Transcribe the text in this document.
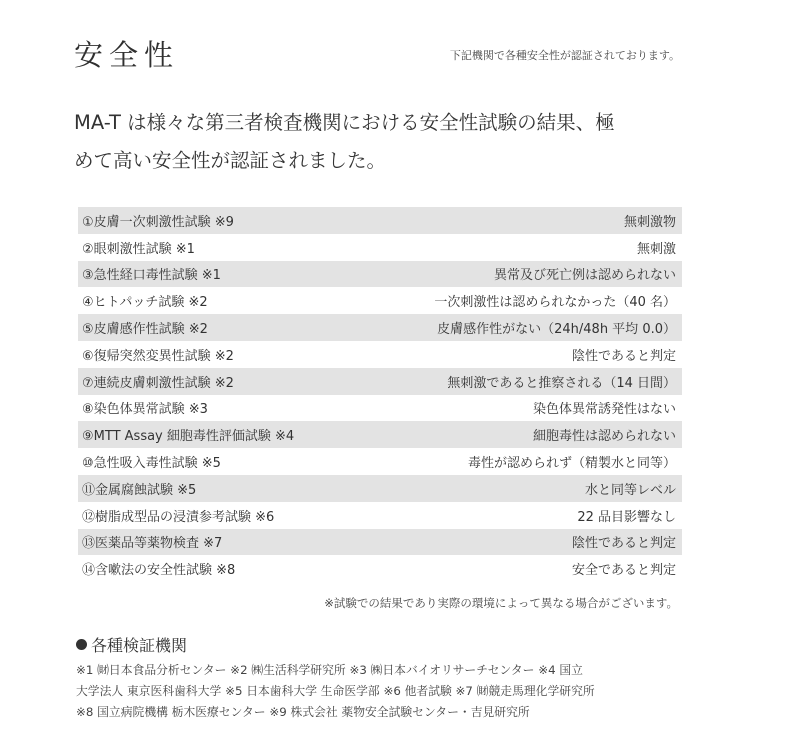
安全性	下記機関で各種安全性が認証されております。
MA-T は様々な第三者検査機関における安全性試験の結果、極
めて高い安全性が認証されました。
①皮膚一次刺激性試験 ※9	無刺激物
②眼刺激性試験 ※1	無刺激
③急性経口毒性試験 ※1	異常及び死亡例は認められない
④ヒトパッチ試験 ※2	一次刺激性は認められなかった（40 名）
⑤皮膚感作性試験 ※2	皮膚感作性がない（24h/48h 平均 0.0）
⑥復帰突然変異性試験 ※2	陰性であると判定
⑦連続皮膚刺激性試験 ※2	無刺激であると推察される（14 日間）
⑧染色体異常試験 ※3	染色体異常誘発性はない
⑨MTT Assay 細胞毒性評価試験 ※4	細胞毒性は認められない
⑩急性吸入毒性試験 ※5	毒性が認められず（精製水と同等）
⑪金属腐蝕試験 ※5	水と同等レベル
⑫樹脂成型品の浸漬参考試験 ※6	22 品目影響なし
⑬医薬品等薬物検査 ※7	陰性であると判定
⑭含嗽法の安全性試験 ※8	安全であると判定
※試験での結果であり実際の環境によって異なる場合がございます。
各種検証機関
※1 ㈶日本食品分析センター ※2 ㈱生活科学研究所 ※3 ㈱日本バイオリサーチセンター ※4 国立
大学法人 東京医科歯科大学 ※5 日本歯科大学 生命医学部 ※6 他者試験 ※7 ㈶競走馬理化学研究所
※8 国立病院機構 栃木医療センター ※9 株式会社 薬物安全試験センター・吉見研究所
